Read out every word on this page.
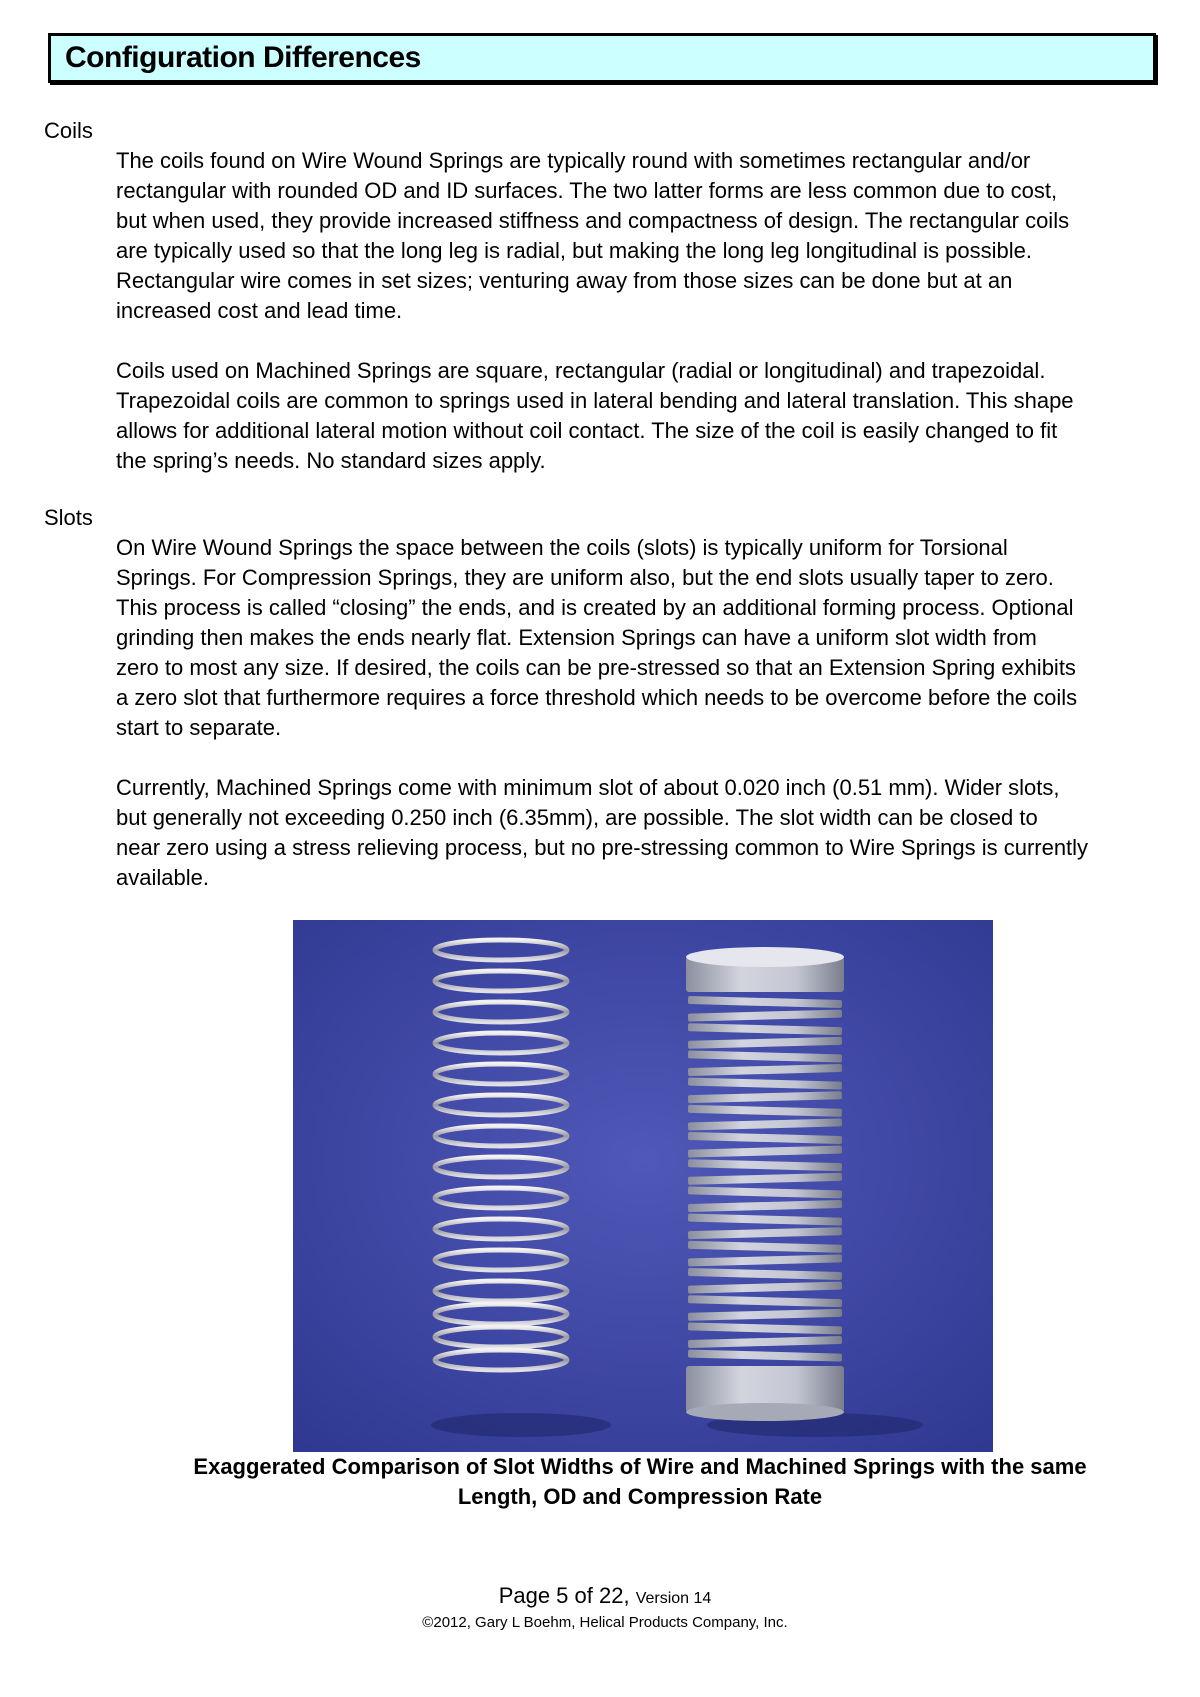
Configuration Differences
Coils

The coils found on Wire Wound Springs are typically round with sometimes rectangular and/or
rectangular with rounded OD and ID surfaces. The two latter forms are less common due to cost,
but when used, they provide increased stiffness and compactness of design. The rectangular coils
are typically used so that the long leg is radial, but making the long leg longitudinal is possible.
Rectangular wire comes in set sizes; venturing away from those sizes can be done but at an
increased cost and lead time.

Coils used on Machined Springs are square, rectangular (radial or longitudinal) and trapezoidal.
Trapezoidal coils are common to springs used in lateral bending and lateral translation. This shape
allows for additional lateral motion without coil contact. The size of the coil is easily changed to fit
the spring’s needs. No standard sizes apply.

Slots

On Wire Wound Springs the space between the coils (slots) is typically uniform for Torsional
Springs. For Compression Springs, they are uniform also, but the end slots usually taper to zero.
This process is called “closing” the ends, and is created by an additional forming process. Optional
grinding then makes the ends nearly flat. Extension Springs can have a uniform slot width from
zero to most any size. If desired, the coils can be pre-stressed so that an Extension Spring exhibits
a zero slot that furthermore requires a force threshold which needs to be overcome before the coils
start to separate.

Currently, Machined Springs come with minimum slot of about 0.020 inch (0.51 mm). Wider slots,
but generally not exceeding 0.250 inch (6.35mm), are possible. The slot width can be closed to
near zero using a stress relieving process, but no pre-stressing common to Wire Springs is currently
available.

Exaggerated Comparison of Slot Widths of Wire and Machined Springs with the same
Length, OD and Compression Rate

Page 5 of 22, Version 14
©2012, Gary L Boehm, Helical Products Company, Inc.
